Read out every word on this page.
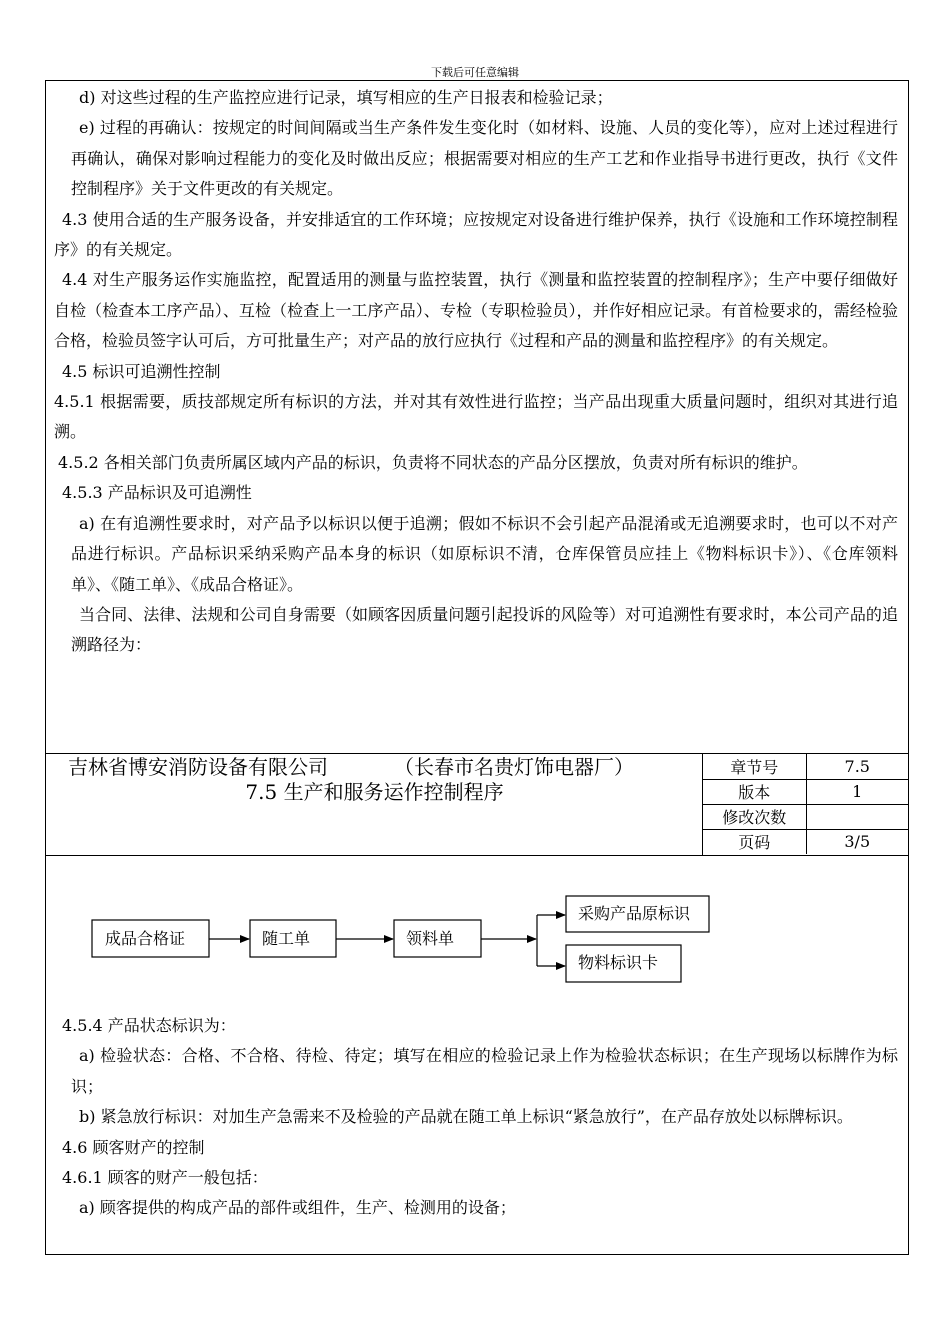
下载后可任意编辑

d) 对这些过程的生产监控应进行记录，填写相应的生产日报表和检验记录；

e) 过程的再确认：按规定的时间间隔或当生产条件发生变化时（如材料、设施、人员的变化等），应对上述过程进行再确认，确保对影响过程能力的变化及时做出反应；根据需要对相应的生产工艺和作业指导书进行更改，执行《文件控制程序》关于文件更改的有关规定。

4.3 使用合适的生产服务设备，并安排适宜的工作环境；应按规定对设备进行维护保养，执行《设施和工作环境控制程序》的有关规定。

4.4 对生产服务运作实施监控，配置适用的测量与监控装置，执行《测量和监控装置的控制程序》；生产中要仔细做好自检（检查本工序产品）、互检（检查上一工序产品）、专检（专职检验员），并作好相应记录。有首检要求的，需经检验合格，检验员签字认可后，方可批量生产；对产品的放行应执行《过程和产品的测量和监控程序》的有关规定。

4.5 标识可追溯性控制

4.5.1 根据需要，质技部规定所有标识的方法，并对其有效性进行监控；当产品出现重大质量问题时，组织对其进行追溯。

4.5.2 各相关部门负责所属区域内产品的标识，负责将不同状态的产品分区摆放，负责对所有标识的维护。

4.5.3 产品标识及可追溯性

a) 在有追溯性要求时，对产品予以标识以便于追溯；假如不标识不会引起产品混淆或无追溯要求时，也可以不对产品进行标识。产品标识采纳采购产品本身的标识（如原标识不清，仓库保管员应挂上《物料标识卡》）、《仓库领料单》、《随工单》、《成品合格证》。

当合同、法律、法规和公司自身需要（如顾客因质量问题引起投诉的风险等）对可追溯性有要求时，本公司产品的追溯路径为：

吉林省博安消防设备有限公司	（长春市名贵灯饰电器厂）
7.5 生产和服务运作控制程序
章节号	7.5
版本	1
修改次数	
页码	3/5
成品合格证	随工单	领料单
采购产品原标识
物料标识卡

4.5.4 产品状态标识为：

a) 检验状态：合格、不合格、待检、待定；填写在相应的检验记录上作为检验状态标识；在生产现场以标牌作为标识；

b) 紧急放行标识：对加生产急需来不及检验的产品就在随工单上标识“紧急放行”，在产品存放处以标牌标识。

4.6 顾客财产的控制

4.6.1 顾客的财产一般包括：

a) 顾客提供的构成产品的部件或组件，生产、检测用的设备；
